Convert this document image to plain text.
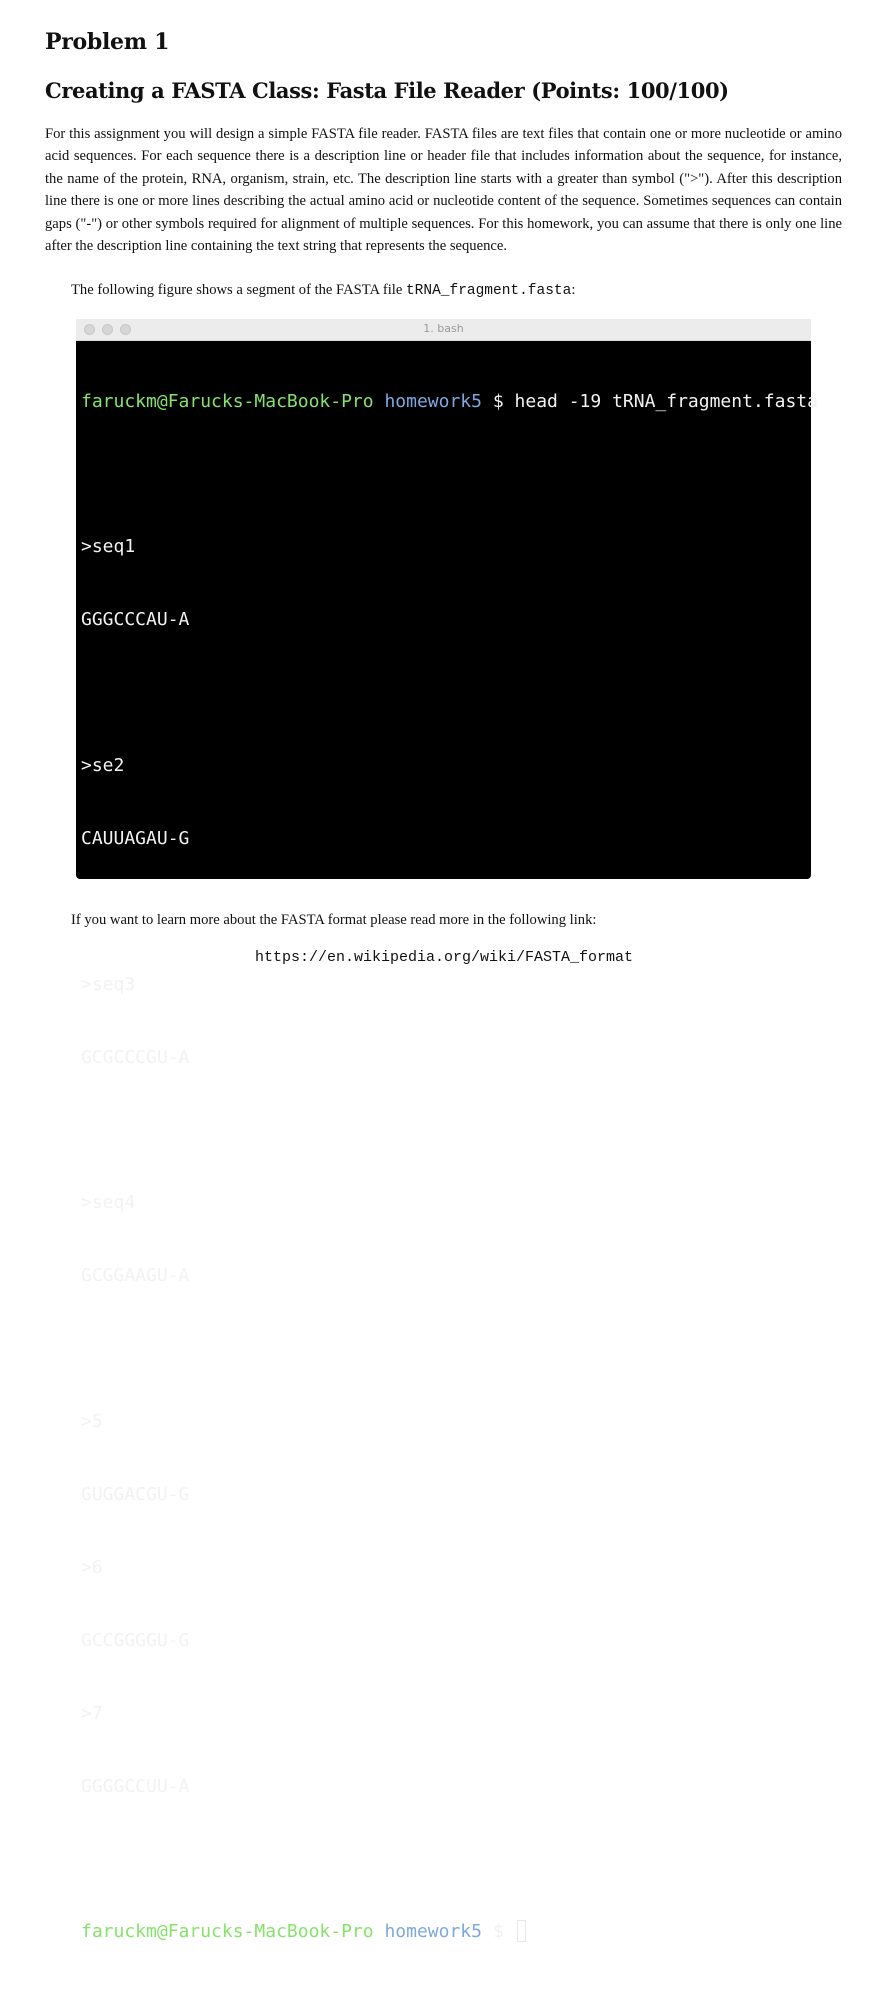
Problem 1
Creating a FASTA Class: Fasta File Reader (Points: 100/100)

For this assignment you will design a simple FASTA file reader. FASTA files are text files that contain one or more nucleotide or amino acid sequences. For each sequence there is a description line or header file that includes information about the sequence, for instance, the name of the protein, RNA, organism, strain, etc. The description line starts with a greater than symbol (">"). After this description line there is one or more lines describing the actual amino acid or nucleotide content of the sequence. Sometimes sequences can contain gaps ("-") or other symbols required for alignment of multiple sequences. For this homework, you can assume that there is only one line after the description line containing the text string that represents the sequence.

The following figure shows a segment of the FASTA file tRNA_fragment.fasta:

1. bash

faruckm@Farucks-MacBook-Pro homework5 $ head -19 tRNA_fragment.fasta

>seq1

GGGCCCAU-A

>se2

CAUUAGAU-G

>seq3

GCGCCCGU-A

>seq4

GCGGAAGU-A

>5

GUGGACGU-G

>6

GCCGGGGU-G

>7

GGGGCCUU-A

faruckm@Farucks-MacBook-Pro homework5 $

If you want to learn more about the FASTA format please read more in the following link:

https://en.wikipedia.org/wiki/FASTA_format
